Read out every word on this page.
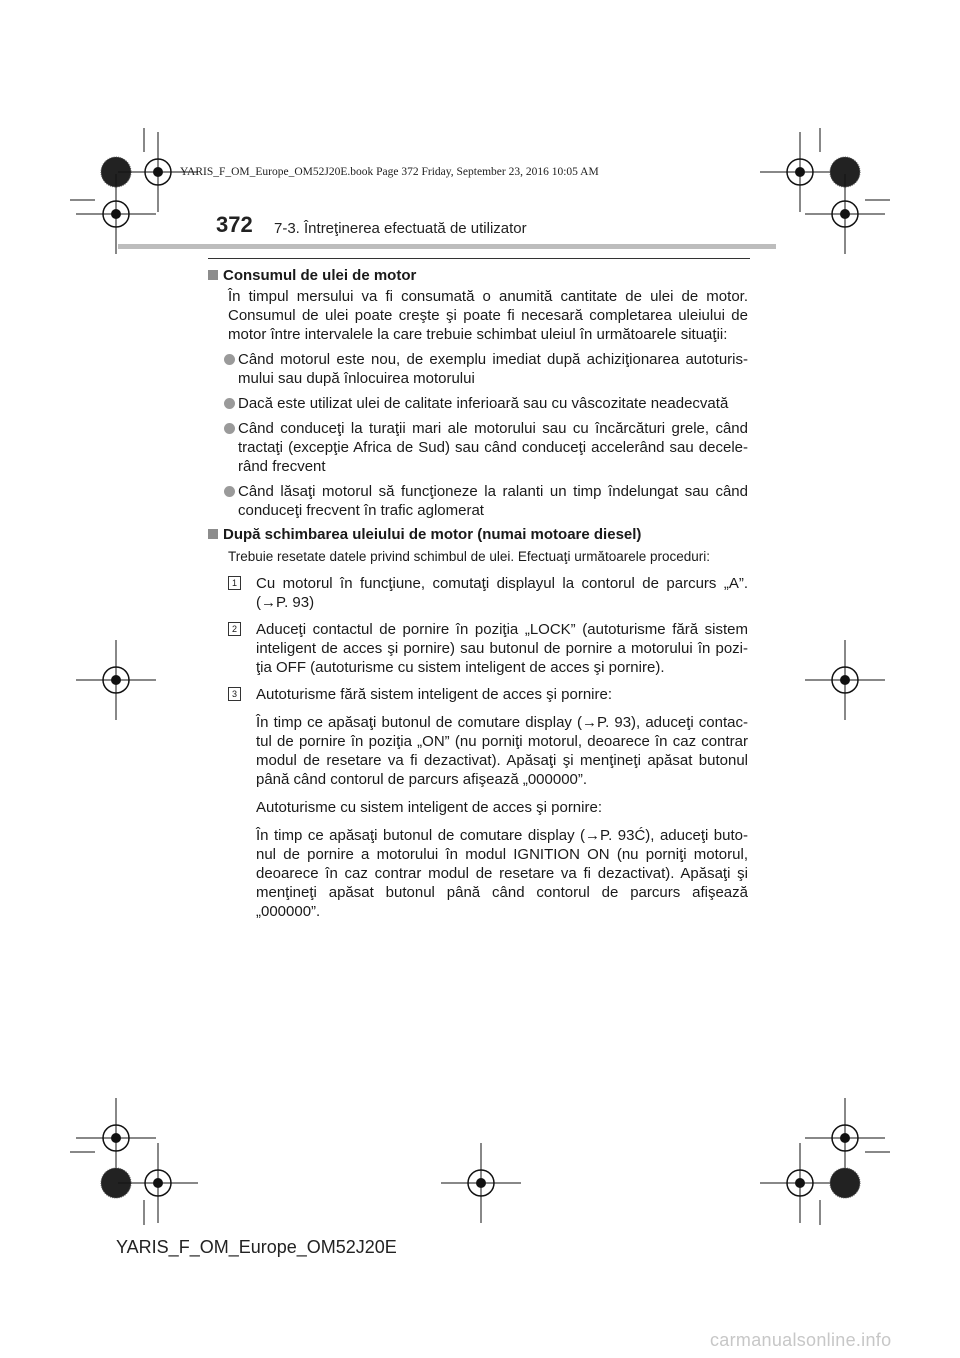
YARIS_F_OM_Europe_OM52J20E.book Page 372 Friday, September 23, 2016 10:05 AM
372 7-3. Întreţinerea efectuată de utilizator

Consumul de ulei de motor

În timpul mersului va fi consumată o anumită cantitate de ulei de motor. Consumul de ulei poate creşte şi poate fi necesară completarea uleiului de motor între intervalele la care trebuie schimbat uleiul în următoarele situaţii:

Când motorul este nou, de exemplu imediat după achiziţionarea autoturis-mului sau după înlocuirea motorului

Dacă este utilizat ulei de calitate inferioară sau cu vâscozitate neadecvată

Când conduceţi la turaţii mari ale motorului sau cu încărcături grele, când tractaţi (excepţie Africa de Sud) sau când conduceţi accelerând sau decele-rând frecvent

Când lăsaţi motorul să funcţioneze la ralanti un timp îndelungat sau când conduceţi frecvent în trafic aglomerat

După schimbarea uleiului de motor (numai motoare diesel)

Trebuie resetate datele privind schimbul de ulei. Efectuaţi următoarele proceduri:

1 Cu motorul în funcţiune, comutaţi displayul la contorul de parcurs „A”. (→P. 93)

2 Aduceţi contactul de pornire în poziţia „LOCK” (autoturisme fără sistem inteligent de acces şi pornire) sau butonul de pornire a motorului în pozi-ţia OFF (autoturisme cu sistem inteligent de acces şi pornire).

3 Autoturisme fără sistem inteligent de acces şi pornire:

În timp ce apăsaţi butonul de comutare display (→P. 93), aduceţi contac-tul de pornire în poziţia „ON” (nu porniţi motorul, deoarece în caz contrar modul de resetare va fi dezactivat). Apăsaţi şi menţineţi apăsat butonul până când contorul de parcurs afişează „000000”.

Autoturisme cu sistem inteligent de acces şi pornire:

În timp ce apăsaţi butonul de comutare display (→P. 93Ć), aduceţi buto-nul de pornire a motorului în modul IGNITION ON (nu porniţi motorul, deoarece în caz contrar modul de resetare va fi dezactivat). Apăsaţi şi menţineţi apăsat butonul până când contorul de parcurs afişează „000000”.

YARIS_F_OM_Europe_OM52J20E
carmanualsonline.info
